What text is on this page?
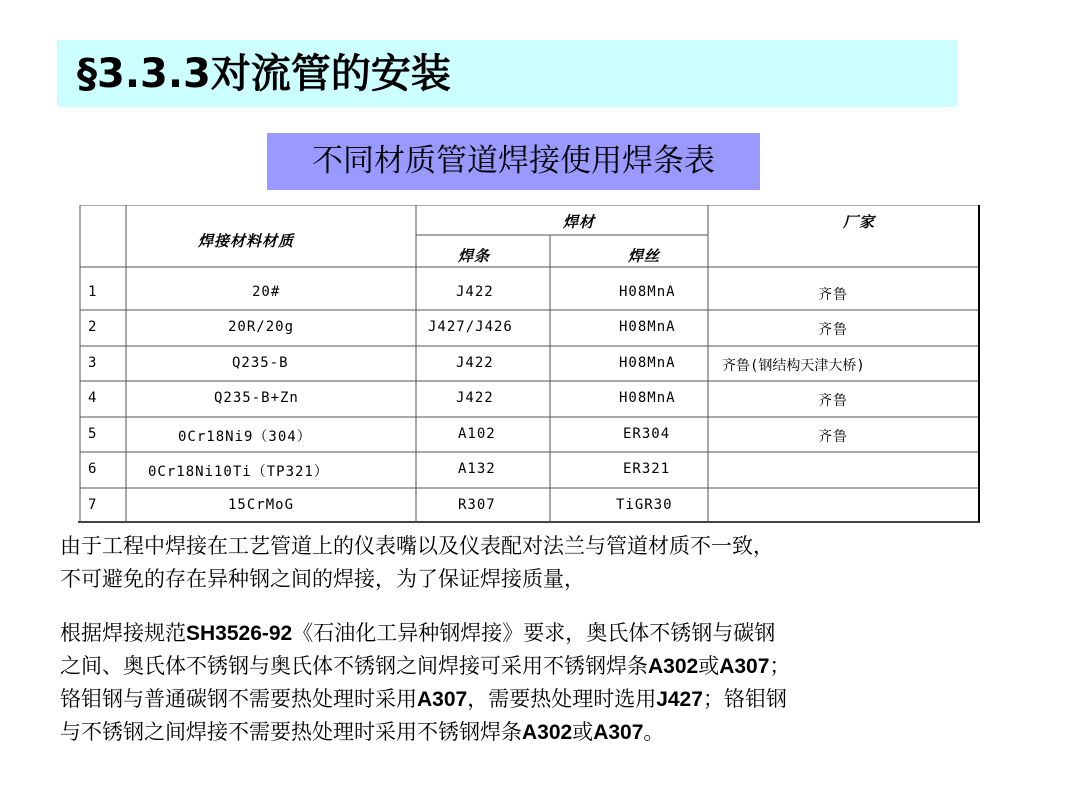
§3.3.3对流管的安装
不同材质管道焊接使用焊条表
焊接材料材质
焊材
焊条	焊丝
厂家
1	20#	J422	H08MnA	齐鲁
2	20R/20g	J427/J426	H08MnA	齐鲁
3	Q235-B	J422	H08MnA	齐鲁(钢结构天津大桥)
4	Q235-B+Zn	J422	H08MnA	齐鲁
5	0Cr18Ni9（304）	A102	ER304	齐鲁
6	0Cr18Ni10Ti（TP321）	A132	ER321
7	15CrMoG	R307	TiGR30
由于工程中焊接在工艺管道上的仪表嘴以及仪表配对法兰与管道材质不一致，
不可避免的存在异种钢之间的焊接，为了保证焊接质量，
根据焊接规范SH3526-92《石油化工异种钢焊接》要求，奥氏体不锈钢与碳钢
之间、奥氏体不锈钢与奥氏体不锈钢之间焊接可采用不锈钢焊条A302或A307；
铬钼钢与普通碳钢不需要热处理时采用A307，需要热处理时选用J427；铬钼钢
与不锈钢之间焊接不需要热处理时采用不锈钢焊条A302或A307。
